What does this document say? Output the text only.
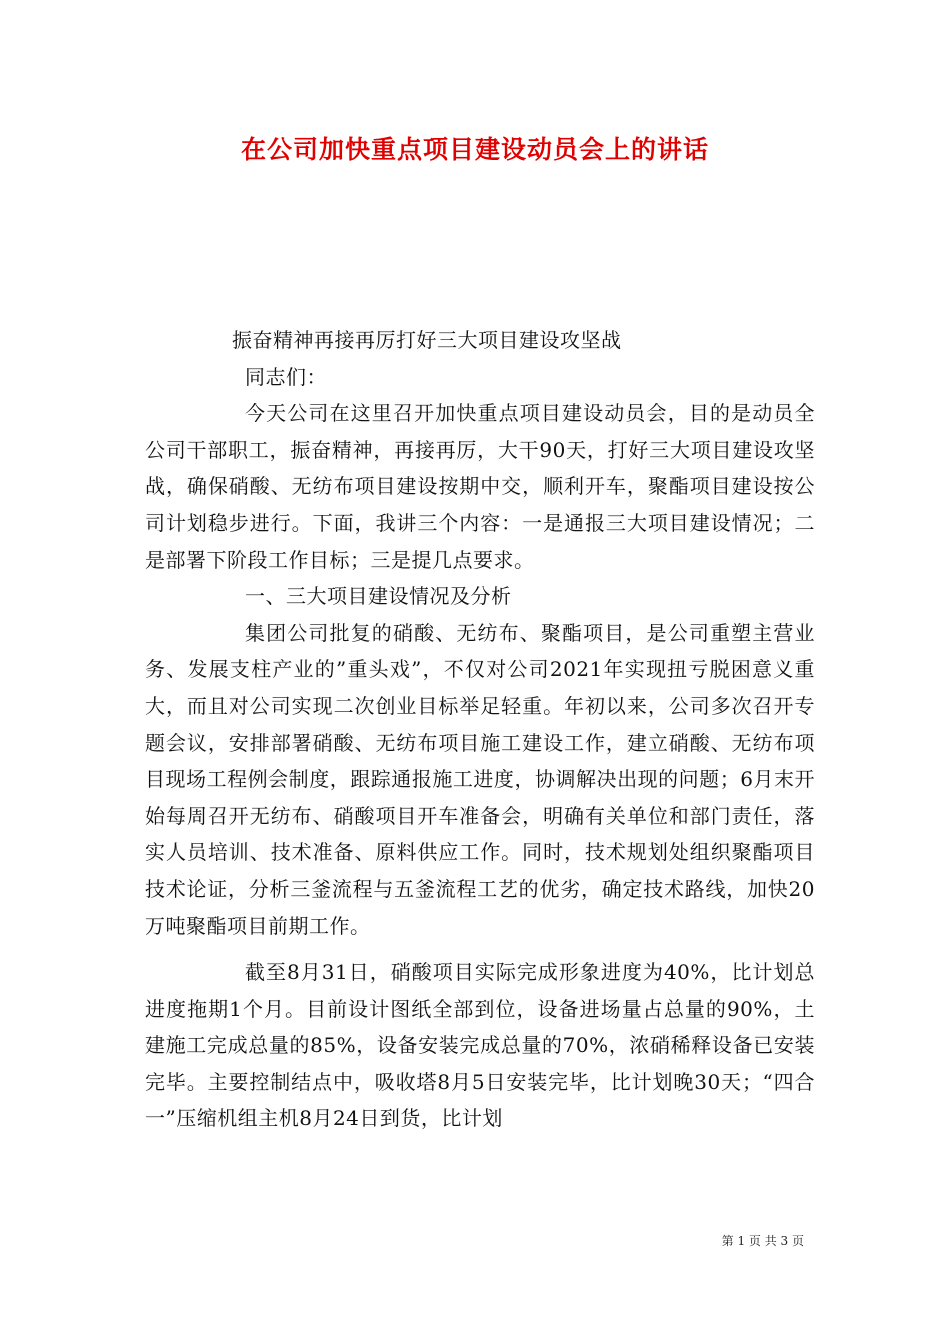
在公司加快重点项目建设动员会上的讲话

振奋精神再接再厉打好三大项目建设攻坚战

同志们：

今天公司在这里召开加快重点项目建设动员会，目的是动员全公司干部职工，振奋精神，再接再厉，大干90天，打好三大项目建设攻坚战，确保硝酸、无纺布项目建设按期中交，顺利开车，聚酯项目建设按公司计划稳步进行。下面，我讲三个内容：一是通报三大项目建设情况；二是部署下阶段工作目标；三是提几点要求。

一、三大项目建设情况及分析

集团公司批复的硝酸、无纺布、聚酯项目，是公司重塑主营业务、发展支柱产业的”重头戏”，不仅对公司2021年实现扭亏脱困意义重大，而且对公司实现二次创业目标举足轻重。年初以来，公司多次召开专题会议，安排部署硝酸、无纺布项目施工建设工作，建立硝酸、无纺布项目现场工程例会制度，跟踪通报施工进度，协调解决出现的问题；6月末开始每周召开无纺布、硝酸项目开车准备会，明确有关单位和部门责任，落实人员培训、技术准备、原料供应工作。同时，技术规划处组织聚酯项目技术论证，分析三釜流程与五釜流程工艺的优劣，确定技术路线，加快20万吨聚酯项目前期工作。

截至8月31日，硝酸项目实际完成形象进度为40%，比计划总进度拖期1个月。目前设计图纸全部到位，设备进场量占总量的90%，土建施工完成总量的85%，设备安装完成总量的70%，浓硝稀释设备已安装完毕。主要控制结点中，吸收塔8月5日安装完毕，比计划晚30天；“四合一”压缩机组主机8月24日到货，比计划

第 1 页 共 3 页
